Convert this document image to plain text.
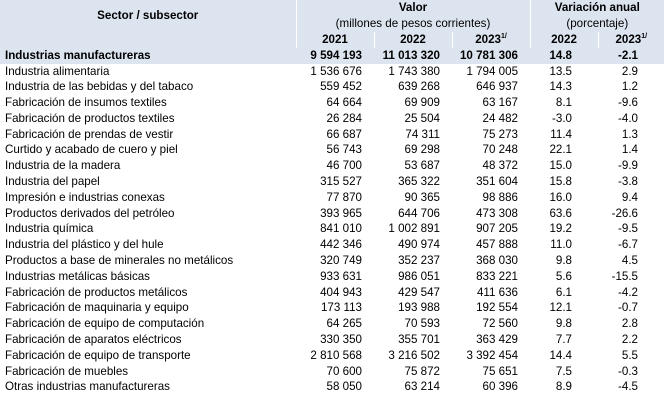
Sector / subsector	Valor			Variación anual	
	(millones de pesos corrientes)			(porcentaje)	
	2021	2022	$2023^{1/}$	2022	$2023^{1/}$
Industrias manufactureras	9 594 193	11 013 320	10 781 306	14.8	-2.1
Industria alimentaria	1 536 676	1 743 380	1 794 005	13.5	2.9
Industria de las bebidas y del tabaco	559 452	639 268	646 937	14.3	1.2
Fabricación de insumos textiles	64 664	69 909	63 167	8.1	-9.6
Fabricación de productos textiles	26 284	25 504	24 482	-3.0	-4.0
Fabricación de prendas de vestir	66 687	74 311	75 273	11.4	1.3
Curtido y acabado de cuero y piel	56 743	69 298	70 248	22.1	1.4
Industria de la madera	46 700	53 687	48 372	15.0	-9.9
Industria del papel	315 527	365 322	351 604	15.8	-3.8
Impresión e industrias conexas	77 870	90 365	98 886	16.0	9.4
Productos derivados del petróleo	393 965	644 706	473 308	63.6	-26.6
Industria química	841 010	1 002 891	907 205	19.2	-9.5
Industria del plástico y del hule	442 346	490 974	457 888	11.0	-6.7
Productos a base de minerales no metálicos	320 749	352 237	368 030	9.8	4.5
Industrias metálicas básicas	933 631	986 051	833 221	5.6	-15.5
Fabricación de productos metálicos	404 943	429 547	411 636	6.1	-4.2
Fabricación de maquinaria y equipo	173 113	193 988	192 554	12.1	-0.7
Fabricación de equipo de computación	64 265	70 593	72 560	9.8	2.8
Fabricación de aparatos eléctricos	330 350	355 701	363 429	7.7	2.2
Fabricación de equipo de transporte	2 810 568	3 216 502	3 392 454	14.4	5.5
Fabricación de muebles	70 600	75 872	75 651	7.5	-0.3
Otras industrias manufactureras	58 050	63 214	60 396	8.9	-4.5
